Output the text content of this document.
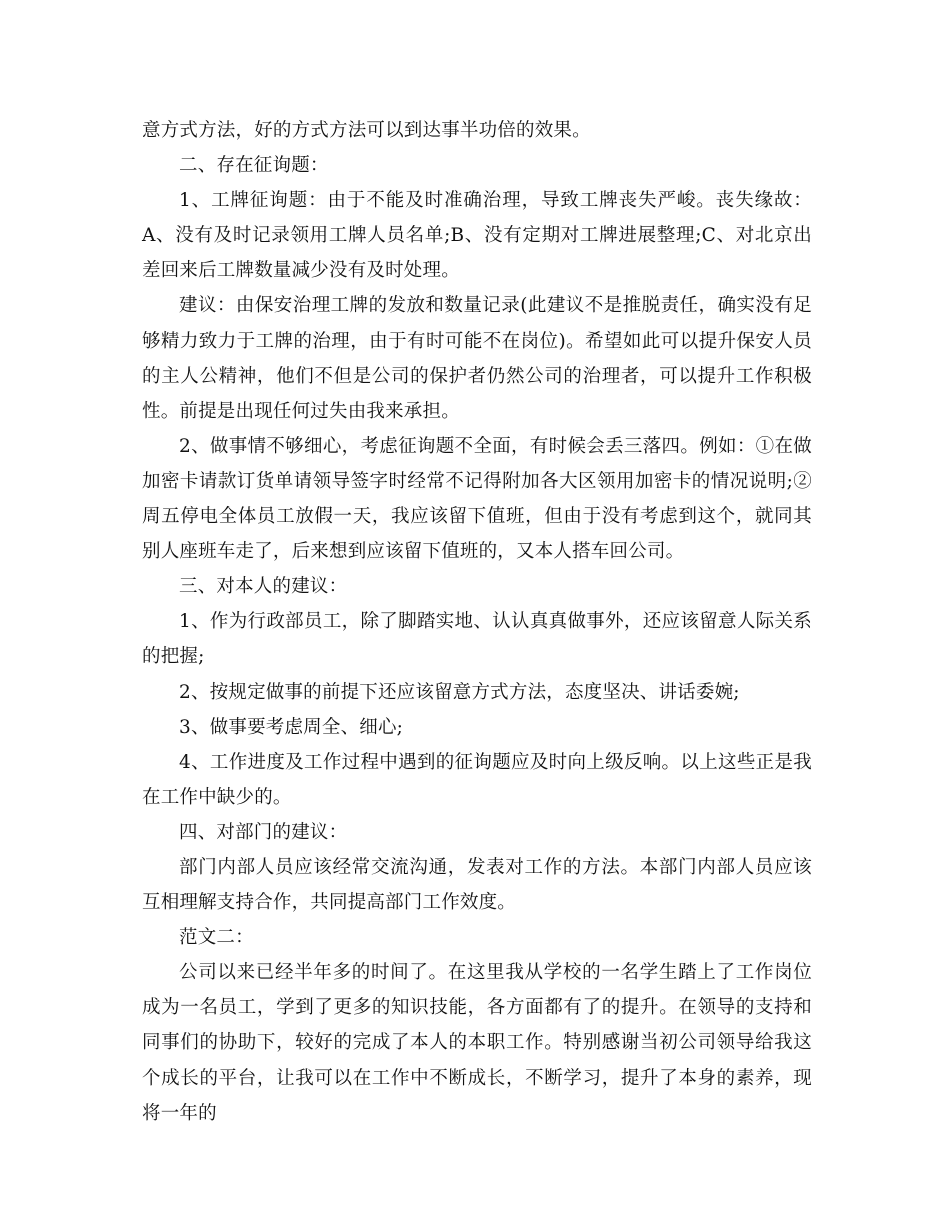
意方式方法，好的方式方法可以到达事半功倍的效果。

二、存在征询题：

1、工牌征询题：由于不能及时准确治理，导致工牌丧失严峻。丧失缘故：A、没有及时记录领用工牌人员名单;B、没有定期对工牌进展整理;C、对北京出差回来后工牌数量减少没有及时处理。

建议：由保安治理工牌的发放和数量记录(此建议不是推脱责任，确实没有足够精力致力于工牌的治理，由于有时可能不在岗位)。希望如此可以提升保安人员的主人公精神，他们不但是公司的保护者仍然公司的治理者，可以提升工作积极性。前提是出现任何过失由我来承担。

2、做事情不够细心，考虑征询题不全面，有时候会丢三落四。例如：①在做加密卡请款订货单请领导签字时经常不记得附加各大区领用加密卡的情况说明;②周五停电全体员工放假一天，我应该留下值班，但由于没有考虑到这个，就同其别人座班车走了，后来想到应该留下值班的，又本人搭车回公司。

三、对本人的建议：

1、作为行政部员工，除了脚踏实地、认认真真做事外，还应该留意人际关系的把握;

2、按规定做事的前提下还应该留意方式方法，态度坚决、讲话委婉;

3、做事要考虑周全、细心;

4、工作进度及工作过程中遇到的征询题应及时向上级反响。以上这些正是我在工作中缺少的。

四、对部门的建议：

部门内部人员应该经常交流沟通，发表对工作的方法。本部门内部人员应该互相理解支持合作，共同提高部门工作效度。

范文二：

公司以来已经半年多的时间了。在这里我从学校的一名学生踏上了工作岗位成为一名员工，学到了更多的知识技能，各方面都有了的提升。在领导的支持和同事们的协助下，较好的完成了本人的本职工作。特别感谢当初公司领导给我这个成长的平台，让我可以在工作中不断成长，不断学习，提升了本身的素养，现将一年的
